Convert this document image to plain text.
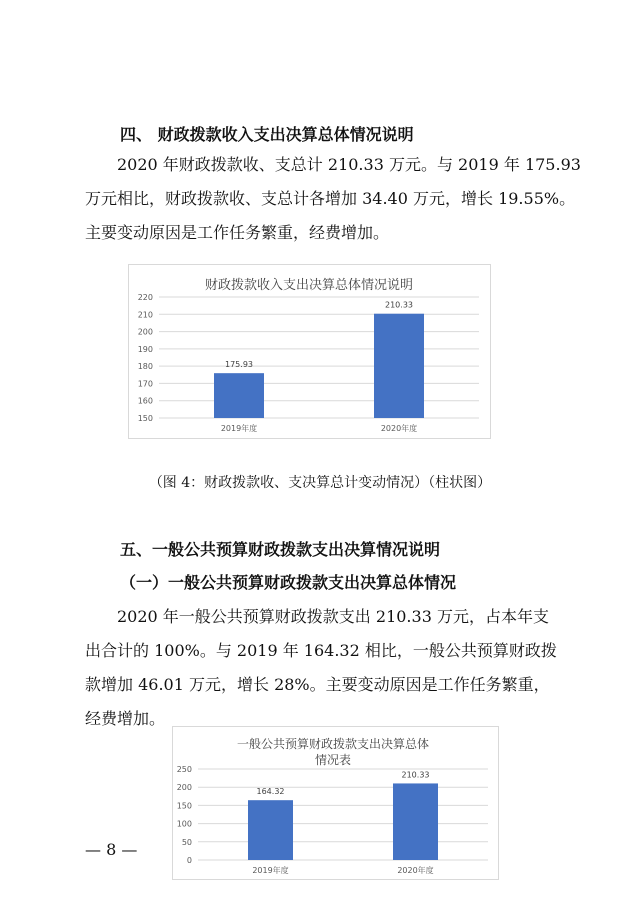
四、 财政拨款收入支出决算总体情况说明
2020 年财政拨款收、支总计 210.33 万元。与 2019 年 175.93
万元相比，财政拨款收、支总计各增加 34.40 万元，增长 19.55%。
主要变动原因是工作任务繁重，经费增加。
财政拨款收入支出决算总体情况说明
150
160
170
180
190
200
210
220
175.93
2019年度
210.33
2020年度
（图 4：财政拨款收、支决算总计变动情况）（柱状图）
五、一般公共预算财政拨款支出决算情况说明
（一）一般公共预算财政拨款支出决算总体情况
2020 年一般公共预算财政拨款支出 210.33 万元，占本年支
出合计的 100%。与 2019 年 164.32 相比，一般公共预算财政拨
款增加 46.01 万元，增长 28%。主要变动原因是工作任务繁重，
经费增加。
一般公共预算财政拨款支出决算总体
情况表
0
50
100
150
200
250
164.32
2019年度
210.33
2020年度
— 8 —
